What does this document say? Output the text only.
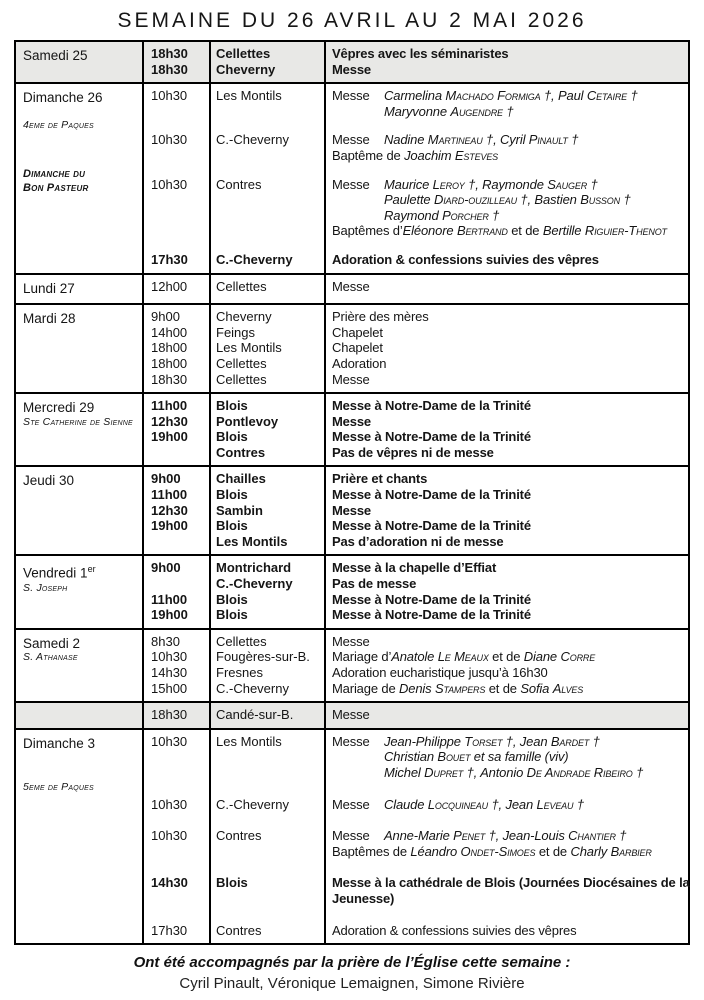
SEMAINE DU 26 AVRIL AU 2 MAI 2026
Samedi 25	18h30	Cellettes	Vêpres avec les séminaristes
18h30	Cheverny	Messe
Dimanche 26
4eme de Paques
Dimanche du
Bon Pasteur
10h30	Les Montils	Messe Carmelina Machado Formiga †, Paul Cetaire †
Maryvonne Augendre †
10h30	C.-Cheverny	Messe Nadine Martineau †, Cyril Pinault †
Baptême de Joachim Esteves
10h30	Contres	Messe Maurice Leroy †, Raymonde Sauger †
Paulette Diard-ouzilleau †, Bastien Busson †
Raymond Porcher †
Baptêmes d’Eléonore Bertrand et de Bertille Riguier-Thenot
17h30	C.-Cheverny	Adoration & confessions suivies des vêpres
Lundi 27	12h00	Cellettes	Messe
Mardi 28	9h00	Cheverny	Prière des mères
14h00	Feings	Chapelet
18h00	Les Montils	Chapelet
18h00	Cellettes	Adoration
18h30	Cellettes	Messe
Mercredi 29
Ste Catherine de Sienne
11h00	Blois	Messe à Notre-Dame de la Trinité
12h30	Pontlevoy	Messe
19h00	Blois	Messe à Notre-Dame de la Trinité
Contres	Pas de vêpres ni de messe
Jeudi 30	9h00	Chailles	Prière et chants
11h00	Blois	Messe à Notre-Dame de la Trinité
12h30	Sambin	Messe
19h00	Blois	Messe à Notre-Dame de la Trinité
Les Montils	Pas d’adoration ni de messe
Vendredi 1er
S. Joseph
9h00	Montrichard	Messe à la chapelle d’Effiat
C.-Cheverny	Pas de messe
11h00	Blois	Messe à Notre-Dame de la Trinité
19h00	Blois	Messe à Notre-Dame de la Trinité
Samedi 2
S. Athanase
8h30	Cellettes	Messe
10h30	Fougères-sur-B.	Mariage d’Anatole Le Meaux et de Diane Corre
14h30	Fresnes	Adoration eucharistique jusqu’à 16h30
15h00	C.-Cheverny	Mariage de Denis Stampers et de Sofia Alves
18h30	Candé-sur-B.	Messe
Dimanche 3
5eme de Paques
10h30	Les Montils	Messe Jean-Philippe Torset †, Jean Bardet †
Christian Bouet et sa famille (viv)
Michel Dupret †, Antonio De Andrade Ribeiro †
10h30	C.-Cheverny	Messe Claude Locquineau †, Jean Leveau †
10h30	Contres	Messe Anne-Marie Penet †, Jean-Louis Chantier †
Baptêmes de Léandro Ondet-Simoes et de Charly Barbier
14h30	Blois	Messe à la cathédrale de Blois (Journées Diocésaines de la
Jeunesse)
17h30	Contres	Adoration & confessions suivies des vêpres
Ont été accompagnés par la prière de l’Église cette semaine :
Cyril Pinault, Véronique Lemaignen, Simone Rivière
